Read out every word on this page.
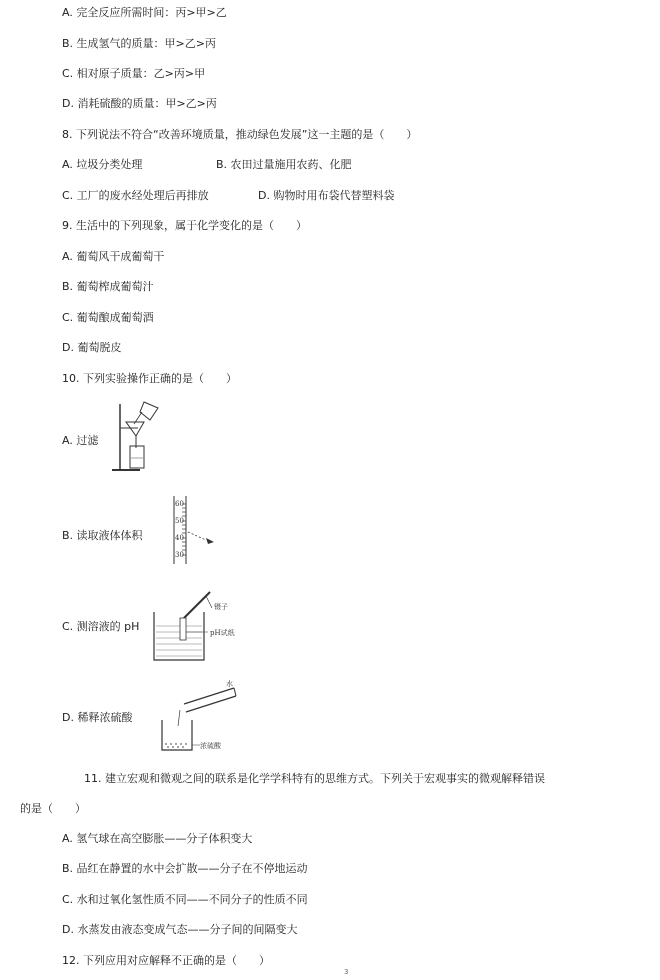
A. 完全反应所需时间：丙>甲>乙
B. 生成氢气的质量：甲>乙>丙
C. 相对原子质量：乙>丙>甲
D. 消耗硫酸的质量：甲>乙>丙
8. 下列说法不符合“改善环境质量，推动绿色发展”这一主题的是（　　）
A. 垃圾分类处理	B. 农田过量施用农药、化肥
C. 工厂的废水经处理后再排放	D. 购物时用布袋代替塑料袋
9. 生活中的下列现象，属于化学变化的是（　　）
A. 葡萄风干成葡萄干
B. 葡萄榨成葡萄汁
C. 葡萄酿成葡萄酒
D. 葡萄脱皮
10. 下列实验操作正确的是（　　）
A. 过滤
B. 读取液体体积
60
50
40
30
C. 测溶液的 pH
镊子
pH试纸
D. 稀释浓硫酸
水
浓硫酸
11. 建立宏观和微观之间的联系是化学学科特有的思维方式。下列关于宏观事实的微观解释错误
的是（　　）
A. 氢气球在高空膨胀——分子体积变大
B. 品红在静置的水中会扩散——分子在不停地运动
C. 水和过氧化氢性质不同——不同分子的性质不同
D. 水蒸发由液态变成气态——分子间的间隔变大
12. 下列应用对应解释不正确的是（　　）
3
